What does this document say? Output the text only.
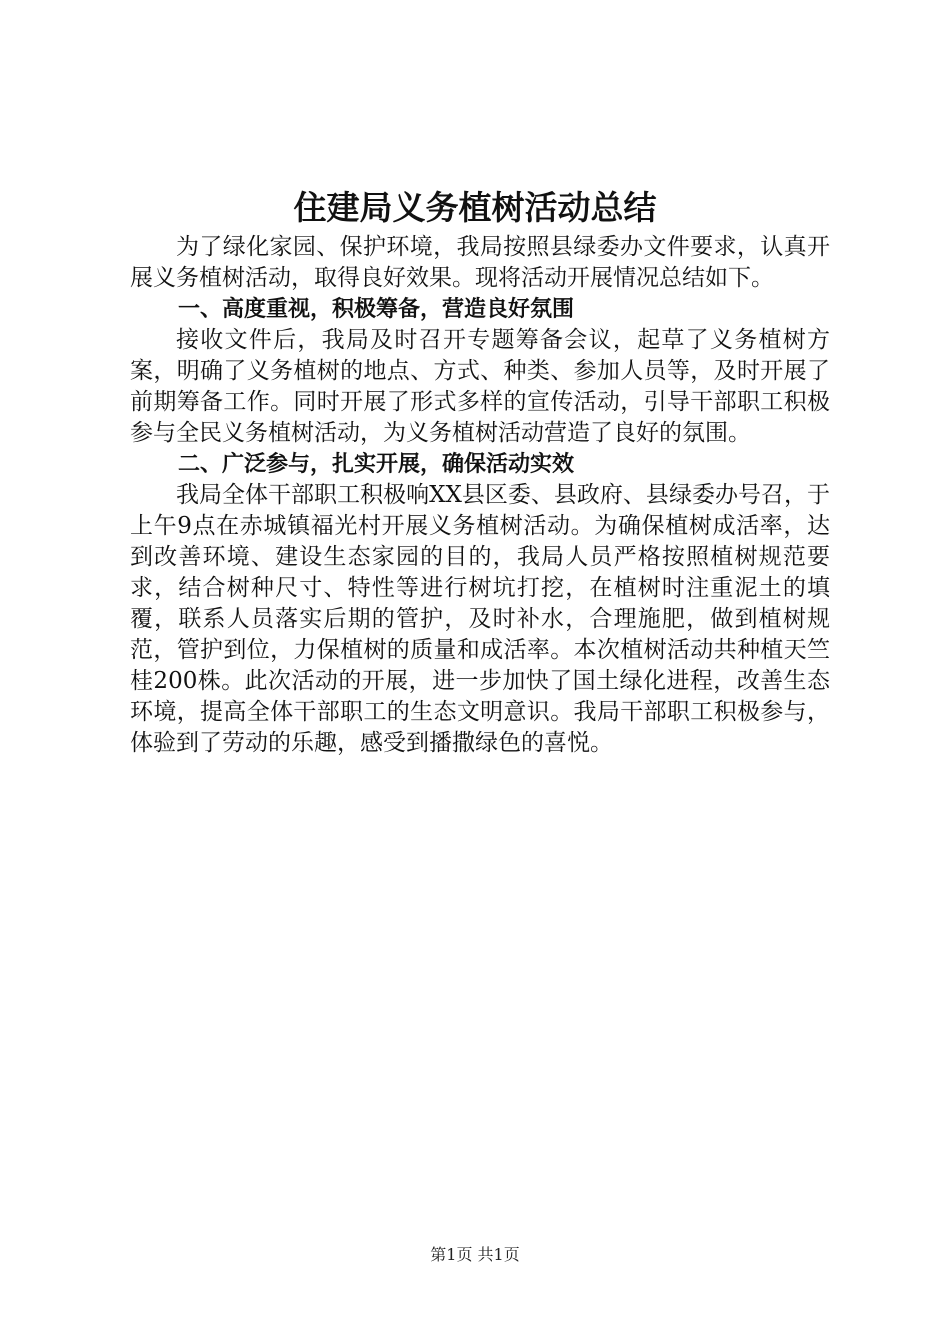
住建局义务植树活动总结

为了绿化家园、保护环境，我局按照县绿委办文件要求，认真开展义务植树活动，取得良好效果。现将活动开展情况总结如下。

一、高度重视，积极筹备，营造良好氛围

接收文件后，我局及时召开专题筹备会议，起草了义务植树方案，明确了义务植树的地点、方式、种类、参加人员等，及时开展了前期筹备工作。同时开展了形式多样的宣传活动，引导干部职工积极参与全民义务植树活动，为义务植树活动营造了良好的氛围。

二、广泛参与，扎实开展，确保活动实效

我局全体干部职工积极响XX县区委、县政府、县绿委办号召，于上午9点在赤城镇福光村开展义务植树活动。为确保植树成活率，达到改善环境、建设生态家园的目的，我局人员严格按照植树规范要求，结合树种尺寸、特性等进行树坑打挖，在植树时注重泥土的填覆，联系人员落实后期的管护，及时补水，合理施肥，做到植树规范，管护到位，力保植树的质量和成活率。本次植树活动共种植天竺桂200株。此次活动的开展，进一步加快了国土绿化进程，改善生态环境，提高全体干部职工的生态文明意识。我局干部职工积极参与，体验到了劳动的乐趣，感受到播撒绿色的喜悦。

第1页 共1页
